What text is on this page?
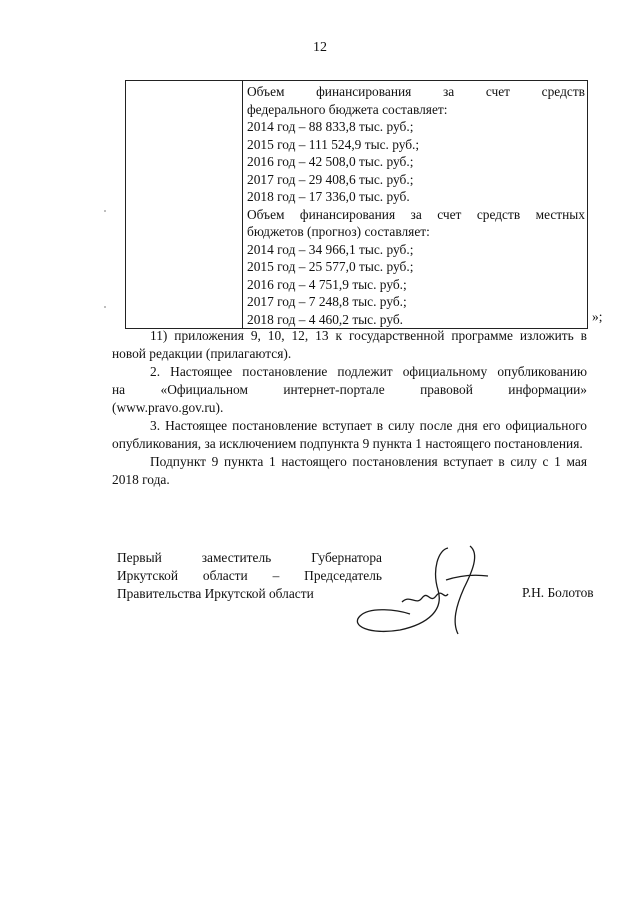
12

Объем финансирования за счет средств
федерального бюджета составляет:
2014 год – 88 833,8 тыс. руб.;
2015 год – 111 524,9 тыс. руб.;
2016 год – 42 508,0 тыс. руб.;
2017 год – 29 408,6 тыс. руб.;
2018 год – 17 336,0 тыс. руб.
Объем финансирования за счет средств местных
бюджетов (прогноз) составляет:
2014 год – 34 966,1 тыс. руб.;
2015 год – 25 577,0 тыс. руб.;
2016 год – 4 751,9 тыс. руб.;
2017 год – 7 248,8 тыс. руб.;
2018 год – 4 460,2 тыс. руб.	»;

11) приложения 9, 10, 12, 13 к государственной программе изложить в новой редакции (прилагаются).

2. Настоящее постановление подлежит официальному опубликованию

на «Официальном интернет-портале правовой информации»

(www.pravo.gov.ru).

3. Настоящее постановление вступает в силу после дня его официального опубликования, за исключением подпункта 9 пункта 1 настоящего постановления.

Подпункт 9 пункта 1 настоящего постановления вступает в силу с 1 мая 2018 года.

Первый заместитель Губернатора
Иркутской области – Председатель
Правительства Иркутской области	Р.Н. Болотов
